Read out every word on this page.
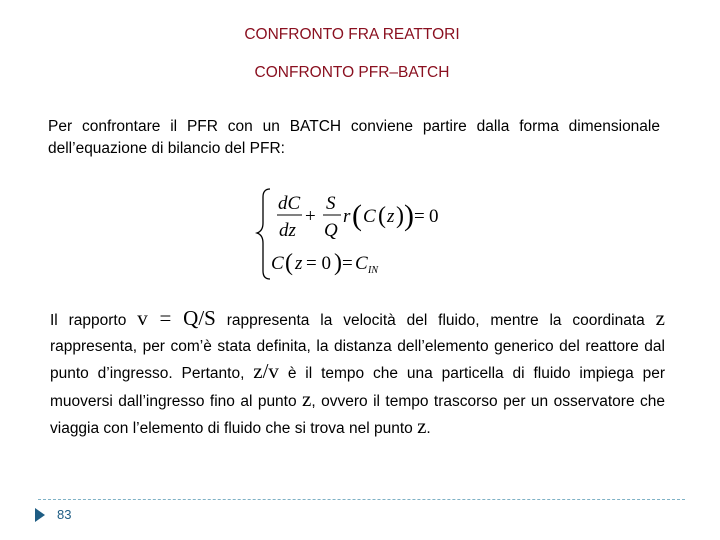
CONFRONTO FRA REATTORI
CONFRONTO PFR–BATCH
Per confrontare il PFR con un BATCH conviene partire dalla forma dimensionale dell’equazione di bilancio del PFR:
dC
dz
+
S
Q
r ( C ( z ) ) = 0
C ( z = 0 ) = C IN
Il rapporto v = Q/S rappresenta la velocità del fluido, mentre la coordinata z rappresenta, per com’è stata definita, la distanza dell’elemento generico del reattore dal punto d’ingresso. Pertanto, z/v è il tempo che una particella di fluido impiega per muoversi dall’ingresso fino al punto z, ovvero il tempo trascorso per un osservatore che viaggia con l’elemento di fluido che si trova nel punto z.
83
